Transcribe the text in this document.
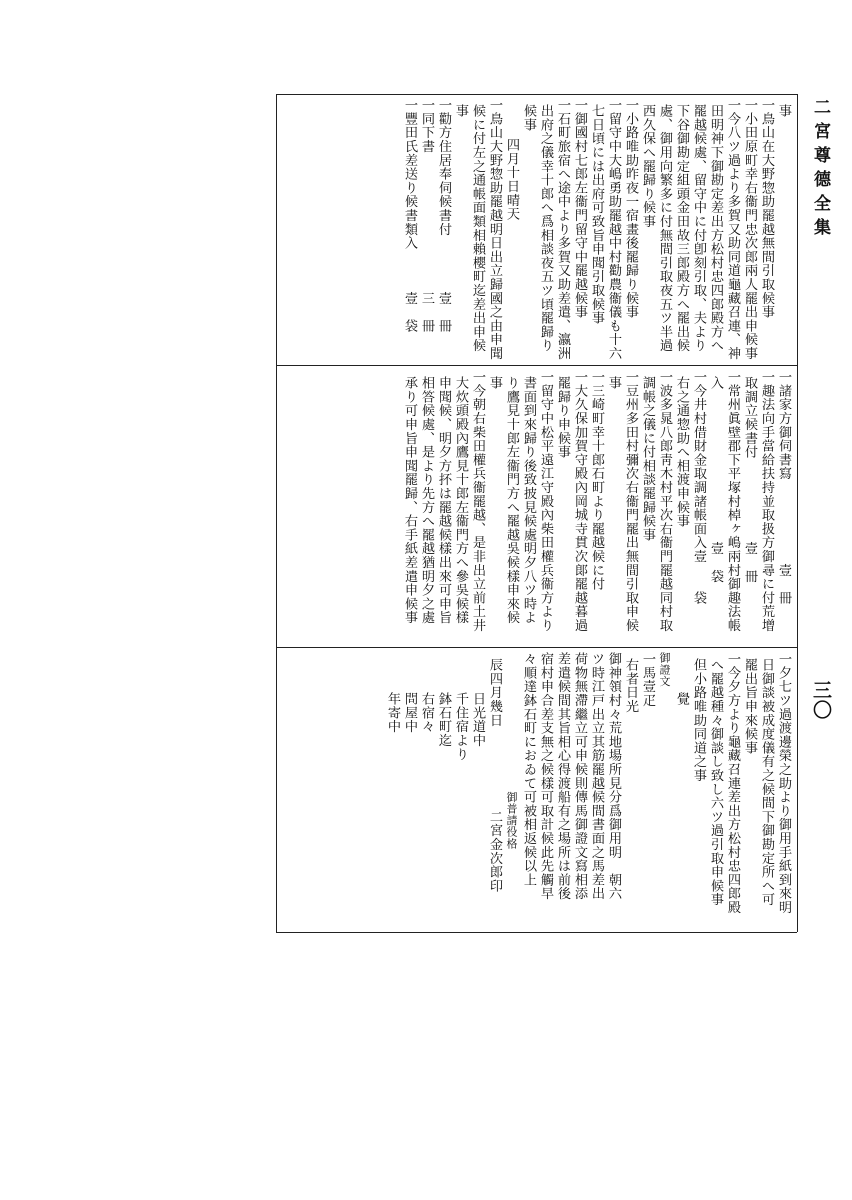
二宮尊德全集
三〇
事
一鳥山在大野惣助罷越無間引取候事
一小田原町幸右衞門忠次郎兩人罷出申候事
一今八ツ過より多賀又助同道龜藏召連、神
田明神下御勘定差出方松村忠四郎殿方へ
罷越候處、留守中に付卽刻引取、夫より
下谷御勘定組頭金田故三郎殿方へ罷出候
處、御用向繁多に付無間引取夜五ツ半過
西久保へ罷歸り候事
一小路唯助昨夜一宿畫後罷歸り候事
一留守中大嶋勇助罷越中村勸農衞儀も十六
七日頃には出府可致旨申聞引取候事
一御國村七郎左衞門留守中罷越候事
一石町旅宿へ途中より多賀又助差遣、瀛洲
出府之儀幸十郎へ爲相談夜五ツ頃罷歸り
候事
四月十日晴天
一鳥山大野惣助罷越明日出立歸國之由申聞
候に付左之通帳面類相賴櫻町迄差出申候
事
一勸方住居奉伺候書付　　　　壹　冊
一同下書　　　　　　　　　　三　冊
一豐田氏差送り候書類入　　　壹　袋
一諸家方御伺書寫　　　　　　壹　冊
一趣法向手當給扶持並取扱方御尋に付荒增
取調立候書付　　　　　　壹　冊
一常州眞壁郡下平塚村棹ヶ嶋兩村御趣法帳
入　　　　　　　　　　　壹　袋
一今井村借財金取調諸帳面入壹　　袋
右之通惣助へ相渡申候事
一波多晁八郎靑木村平次右衞門罷越同村取
調帳之儀に付相談罷歸候事
一豆州多田村彌次右衞門罷出無間引取申候
事
一三崎町幸十郎石町より罷越候に付
一大久保加賀守殿內岡城寺貫次郞罷越暮過
罷歸り申候事
一留守中松平遠江守殿內柴田權兵衞方より
書面到來歸り後致披見候處明夕八ツ時よ
り鷹見十郎左衞門方へ罷越吳候樣申來候
事
一今朝右柴田權兵衞罷越、是非出立前土井
大炊頭殿內鷹見十郎左衞門方へ參吳候樣
申聞候、明夕方抔は罷越候樣出來可申旨
相答候處、是より先方へ罷越猶明夕之處
承り可申旨申聞罷歸、右手紙差遣申候事
一夕七ツ過渡邊榮之助より御用手紙到來明
日御談被成度儀有之候間下御勘定所へ可
罷出旨申來候事
一今夕方より龜藏召連差出方松村忠四郎殿
へ罷越種々御談し致し六ツ過引取申候事
但小路唯助同道之事
覺
御證文
一馬壹疋
右者日光
御神領村々荒地場所見分爲御用明　朝六
ツ時江戸出立其筋罷越候間書面之馬差出
荷物無滯繼立可申候則傳馬御證文寫相添
差遣候間其旨相心得渡船有之場所は前後
宿村申合差支無之候樣可取計候此先觸早
々順達鉢石町におゐて可被相返候以上
　　　　　　　　　　　　御普請役格
辰四月幾日　　　　　　二宮金次郎印
日光道中
千住宿より
鉢石町迄
右宿々
問屋中
年寄中
